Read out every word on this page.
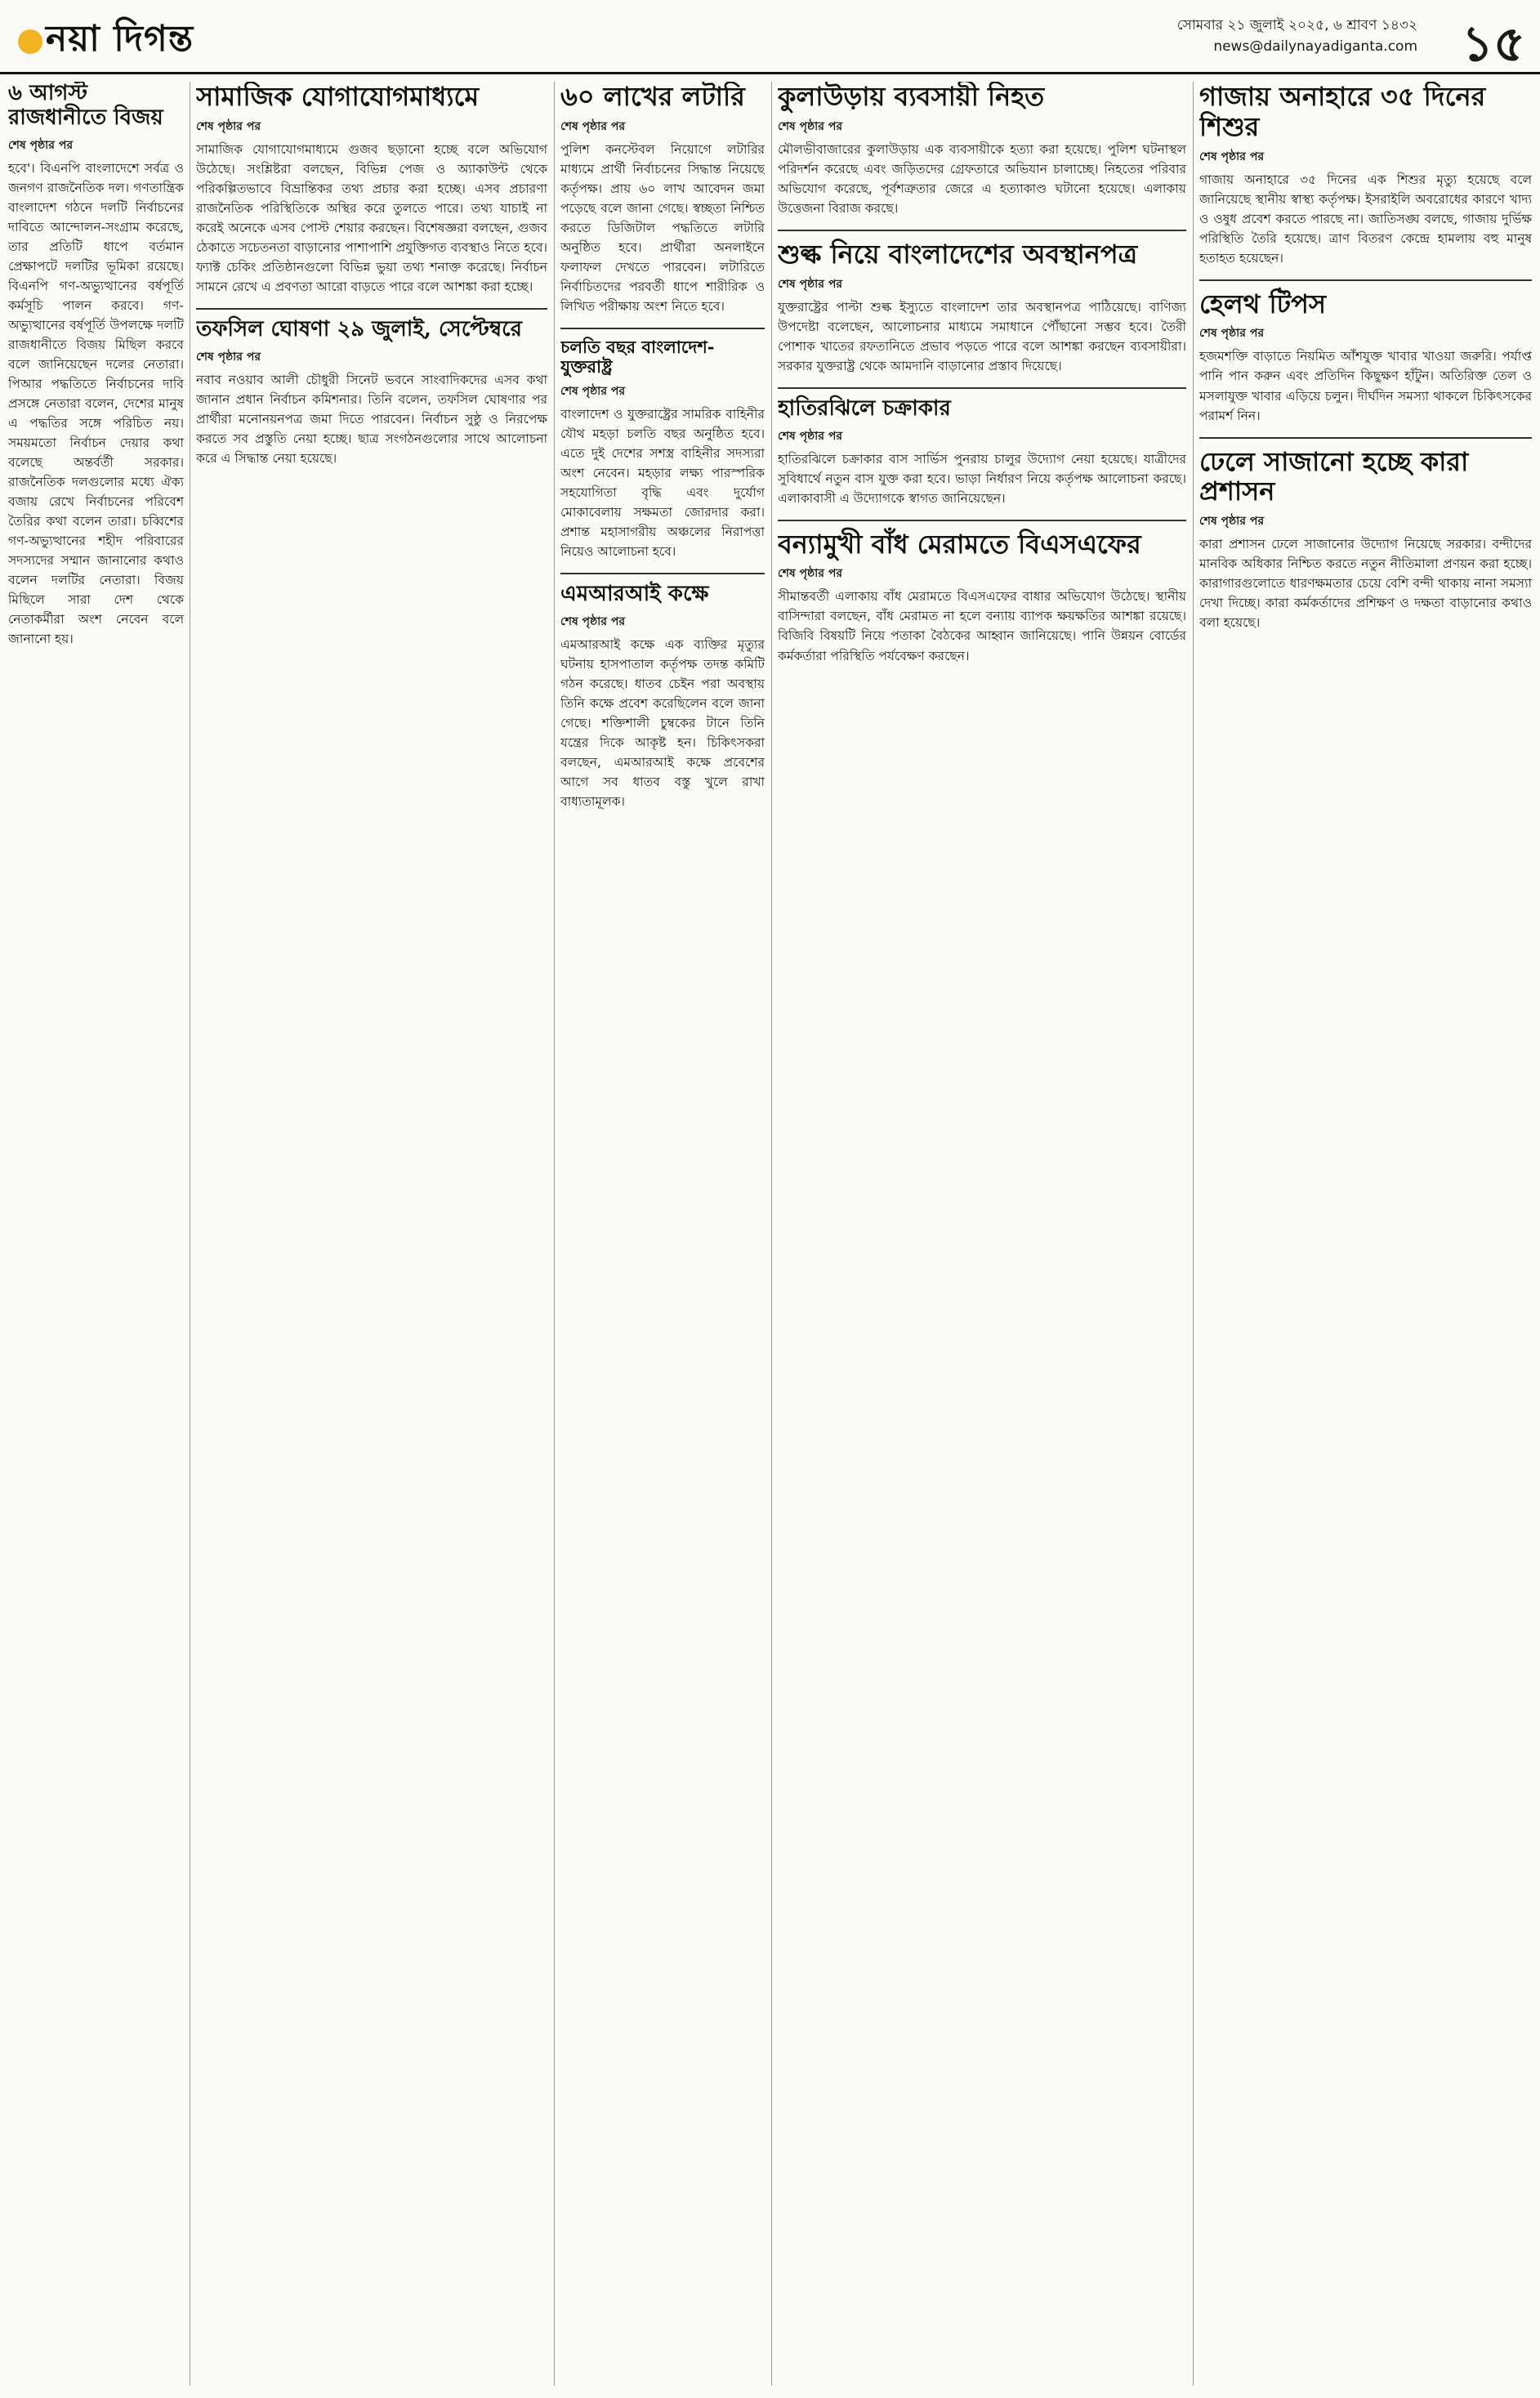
নয়া দিগন্ত	সোমবার ২১ জুলাই ২০২৫, ৬ শ্রাবণ ১৪৩২
news@dailynayadiganta.com ১৫
৬ আগস্ট রাজধানীতে বিজয়
শেষ পৃষ্ঠার পর

হবে'। বিএনপি বাংলাদেশে সর্বত্র ও জনগণ রাজনৈতিক দল। গণতান্ত্রিক বাংলাদেশ গঠনে দলটি নির্বাচনের দাবিতে আন্দোলন-সংগ্রাম করেছে, তার প্রতিটি ধাপে বর্তমান প্রেক্ষাপটে দলটির ভূমিকা রয়েছে। বিএনপি গণ-অভ্যুত্থানের বর্ষপূর্তি কর্মসূচি পালন করবে। গণ-অভ্যুত্থানের বর্ষপূর্তি উপলক্ষে দলটি রাজধানীতে বিজয় মিছিল করবে বলে জানিয়েছেন দলের নেতারা। পিআর পদ্ধতিতে নির্বাচনের দাবি প্রসঙ্গে নেতারা বলেন, দেশের মানুষ এ পদ্ধতির সঙ্গে পরিচিত নয়। সময়মতো নির্বাচন দেয়ার কথা বলেছে অন্তর্বর্তী সরকার। রাজনৈতিক দলগুলোর মধ্যে ঐক্য বজায় রেখে নির্বাচনের পরিবেশ তৈরির কথা বলেন তারা। চব্বিশের গণ-অভ্যুত্থানের শহীদ পরিবারের সদস্যদের সম্মান জানানোর কথাও বলেন দলটির নেতারা। বিজয় মিছিলে সারা দেশ থেকে নেতাকর্মীরা অংশ নেবেন বলে জানানো হয়।

সামাজিক যোগাযোগমাধ্যমে
শেষ পৃষ্ঠার পর

সামাজিক যোগাযোগমাধ্যমে গুজব ছড়ানো হচ্ছে বলে অভিযোগ উঠেছে। সংশ্লিষ্টরা বলছেন, বিভিন্ন পেজ ও অ্যাকাউন্ট থেকে পরিকল্পিতভাবে বিভ্রান্তিকর তথ্য প্রচার করা হচ্ছে। এসব প্রচারণা রাজনৈতিক পরিস্থিতিকে অস্থির করে তুলতে পারে। তথ্য যাচাই না করেই অনেকে এসব পোস্ট শেয়ার করছেন। বিশেষজ্ঞরা বলছেন, গুজব ঠেকাতে সচেতনতা বাড়ানোর পাশাপাশি প্রযুক্তিগত ব্যবস্থাও নিতে হবে। ফ্যাক্ট চেকিং প্রতিষ্ঠানগুলো বিভিন্ন ভুয়া তথ্য শনাক্ত করেছে। নির্বাচন সামনে রেখে এ প্রবণতা আরো বাড়তে পারে বলে আশঙ্কা করা হচ্ছে।

তফসিল ঘোষণা ২৯ জুলাই, সেপ্টেম্বরে
শেষ পৃষ্ঠার পর

নবাব নওয়াব আলী চৌধুরী সিনেট ভবনে সাংবাদিকদের এসব কথা জানান প্রধান নির্বাচন কমিশনার। তিনি বলেন, তফসিল ঘোষণার পর প্রার্থীরা মনোনয়নপত্র জমা দিতে পারবেন। নির্বাচন সুষ্ঠু ও নিরপেক্ষ করতে সব প্রস্তুতি নেয়া হচ্ছে। ছাত্র সংগঠনগুলোর সাথে আলোচনা করে এ সিদ্ধান্ত নেয়া হয়েছে।

৬০ লাখের লটারি
শেষ পৃষ্ঠার পর

পুলিশ কনস্টেবল নিয়োগে লটারির মাধ্যমে প্রার্থী নির্বাচনের সিদ্ধান্ত নিয়েছে কর্তৃপক্ষ। প্রায় ৬০ লাখ আবেদন জমা পড়েছে বলে জানা গেছে। স্বচ্ছতা নিশ্চিত করতে ডিজিটাল পদ্ধতিতে লটারি অনুষ্ঠিত হবে। প্রার্থীরা অনলাইনে ফলাফল দেখতে পারবেন। লটারিতে নির্বাচিতদের পরবর্তী ধাপে শারীরিক ও লিখিত পরীক্ষায় অংশ নিতে হবে।

চলতি বছর বাংলাদেশ-যুক্তরাষ্ট্র
শেষ পৃষ্ঠার পর

বাংলাদেশ ও যুক্তরাষ্ট্রের সামরিক বাহিনীর যৌথ মহড়া চলতি বছর অনুষ্ঠিত হবে। এতে দুই দেশের সশস্ত্র বাহিনীর সদস্যরা অংশ নেবেন। মহড়ার লক্ষ্য পারস্পরিক সহযোগিতা বৃদ্ধি এবং দুর্যোগ মোকাবেলায় সক্ষমতা জোরদার করা। প্রশান্ত মহাসাগরীয় অঞ্চলের নিরাপত্তা নিয়েও আলোচনা হবে।

এমআরআই কক্ষে
শেষ পৃষ্ঠার পর

এমআরআই কক্ষে এক ব্যক্তির মৃত্যুর ঘটনায় হাসপাতাল কর্তৃপক্ষ তদন্ত কমিটি গঠন করেছে। ধাতব চেইন পরা অবস্থায় তিনি কক্ষে প্রবেশ করেছিলেন বলে জানা গেছে। শক্তিশালী চুম্বকের টানে তিনি যন্ত্রের দিকে আকৃষ্ট হন। চিকিৎসকরা বলছেন, এমআরআই কক্ষে প্রবেশের আগে সব ধাতব বস্তু খুলে রাখা বাধ্যতামূলক।

কুলাউড়ায় ব্যবসায়ী নিহত
শেষ পৃষ্ঠার পর

মৌলভীবাজারের কুলাউড়ায় এক ব্যবসায়ীকে হত্যা করা হয়েছে। পুলিশ ঘটনাস্থল পরিদর্শন করেছে এবং জড়িতদের গ্রেফতারে অভিযান চালাচ্ছে। নিহতের পরিবার অভিযোগ করেছে, পূর্বশত্রুতার জেরে এ হত্যাকাণ্ড ঘটানো হয়েছে। এলাকায় উত্তেজনা বিরাজ করছে।

শুল্ক নিয়ে বাংলাদেশের অবস্থানপত্র
শেষ পৃষ্ঠার পর

যুক্তরাষ্ট্রের পাল্টা শুল্ক ইস্যুতে বাংলাদেশ তার অবস্থানপত্র পাঠিয়েছে। বাণিজ্য উপদেষ্টা বলেছেন, আলোচনার মাধ্যমে সমাধানে পৌঁছানো সম্ভব হবে। তৈরী পোশাক খাতের রফতানিতে প্রভাব পড়তে পারে বলে আশঙ্কা করছেন ব্যবসায়ীরা। সরকার যুক্তরাষ্ট্র থেকে আমদানি বাড়ানোর প্রস্তাব দিয়েছে।

হাতিরঝিলে চক্রাকার
শেষ পৃষ্ঠার পর

হাতিরঝিলে চক্রাকার বাস সার্ভিস পুনরায় চালুর উদ্যোগ নেয়া হয়েছে। যাত্রীদের সুবিধার্থে নতুন বাস যুক্ত করা হবে। ভাড়া নির্ধারণ নিয়ে কর্তৃপক্ষ আলোচনা করছে। এলাকাবাসী এ উদ্যোগকে স্বাগত জানিয়েছেন।

বন্যামুখী বাঁধ মেরামতে বিএসএফের
শেষ পৃষ্ঠার পর

সীমান্তবর্তী এলাকায় বাঁধ মেরামতে বিএসএফের বাধার অভিযোগ উঠেছে। স্থানীয় বাসিন্দারা বলছেন, বাঁধ মেরামত না হলে বন্যায় ব্যাপক ক্ষয়ক্ষতির আশঙ্কা রয়েছে। বিজিবি বিষয়টি নিয়ে পতাকা বৈঠকের আহ্বান জানিয়েছে। পানি উন্নয়ন বোর্ডের কর্মকর্তারা পরিস্থিতি পর্যবেক্ষণ করছেন।

গাজায় অনাহারে ৩৫ দিনের শিশুর
শেষ পৃষ্ঠার পর

গাজায় অনাহারে ৩৫ দিনের এক শিশুর মৃত্যু হয়েছে বলে জানিয়েছে স্থানীয় স্বাস্থ্য কর্তৃপক্ষ। ইসরাইলি অবরোধের কারণে খাদ্য ও ওষুধ প্রবেশ করতে পারছে না। জাতিসঙ্ঘ বলছে, গাজায় দুর্ভিক্ষ পরিস্থিতি তৈরি হয়েছে। ত্রাণ বিতরণ কেন্দ্রে হামলায় বহু মানুষ হতাহত হয়েছেন।

হেলথ টিপস
শেষ পৃষ্ঠার পর

হজমশক্তি বাড়াতে নিয়মিত আঁশযুক্ত খাবার খাওয়া জরুরি। পর্যাপ্ত পানি পান করুন এবং প্রতিদিন কিছুক্ষণ হাঁটুন। অতিরিক্ত তেল ও মসলাযুক্ত খাবার এড়িয়ে চলুন। দীর্ঘদিন সমস্যা থাকলে চিকিৎসকের পরামর্শ নিন।

ঢেলে সাজানো হচ্ছে কারা প্রশাসন
শেষ পৃষ্ঠার পর

কারা প্রশাসন ঢেলে সাজানোর উদ্যোগ নিয়েছে সরকার। বন্দীদের মানবিক অধিকার নিশ্চিত করতে নতুন নীতিমালা প্রণয়ন করা হচ্ছে। কারাগারগুলোতে ধারণক্ষমতার চেয়ে বেশি বন্দী থাকায় নানা সমস্যা দেখা দিচ্ছে। কারা কর্মকর্তাদের প্রশিক্ষণ ও দক্ষতা বাড়ানোর কথাও বলা হয়েছে।
